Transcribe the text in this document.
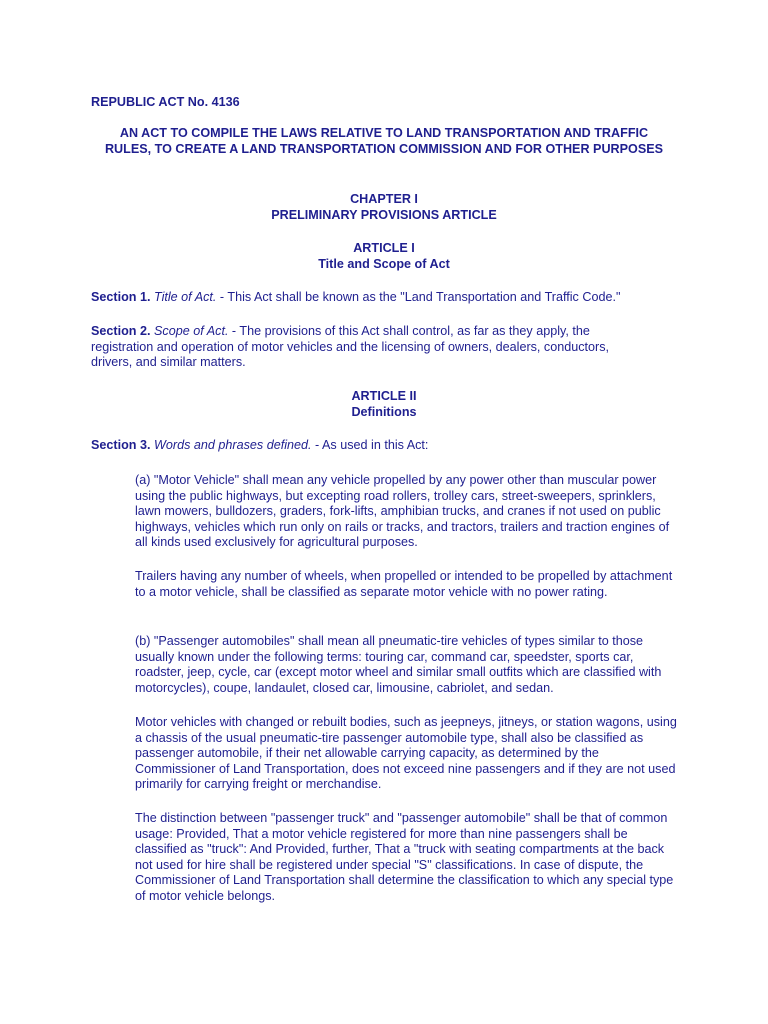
REPUBLIC ACT No. 4136

AN ACT TO COMPILE THE LAWS RELATIVE TO LAND TRANSPORTATION AND TRAFFIC RULES, TO CREATE A LAND TRANSPORTATION COMMISSION AND FOR OTHER PURPOSES

CHAPTER I
PRELIMINARY PROVISIONS ARTICLE
ARTICLE I
Title and Scope of Act

Section 1. Title of Act. - This Act shall be known as the "Land Transportation and Traffic Code."

Section 2. Scope of Act. - The provisions of this Act shall control, as far as they apply, the registration and operation of motor vehicles and the licensing of owners, dealers, conductors, drivers, and similar matters.

ARTICLE II
Definitions

Section 3. Words and phrases defined. - As used in this Act:

(a) "Motor Vehicle" shall mean any vehicle propelled by any power other than muscular power using the public highways, but excepting road rollers, trolley cars, street-sweepers, sprinklers, lawn mowers, bulldozers, graders, fork-lifts, amphibian trucks, and cranes if not used on public highways, vehicles which run only on rails or tracks, and tractors, trailers and traction engines of all kinds used exclusively for agricultural purposes.

Trailers having any number of wheels, when propelled or intended to be propelled by attachment to a motor vehicle, shall be classified as separate motor vehicle with no power rating.

(b) "Passenger automobiles" shall mean all pneumatic-tire vehicles of types similar to those usually known under the following terms: touring car, command car, speedster, sports car, roadster, jeep, cycle, car (except motor wheel and similar small outfits which are classified with motorcycles), coupe, landaulet, closed car, limousine, cabriolet, and sedan.

Motor vehicles with changed or rebuilt bodies, such as jeepneys, jitneys, or station wagons, using a chassis of the usual pneumatic-tire passenger automobile type, shall also be classified as passenger automobile, if their net allowable carrying capacity, as determined by the Commissioner of Land Transportation, does not exceed nine passengers and if they are not used primarily for carrying freight or merchandise.

The distinction between "passenger truck" and "passenger automobile" shall be that of common usage: Provided, That a motor vehicle registered for more than nine passengers shall be classified as "truck": And Provided, further, That a "truck with seating compartments at the back not used for hire shall be registered under special "S" classifications. In case of dispute, the Commissioner of Land Transportation shall determine the classification to which any special type of motor vehicle belongs.
